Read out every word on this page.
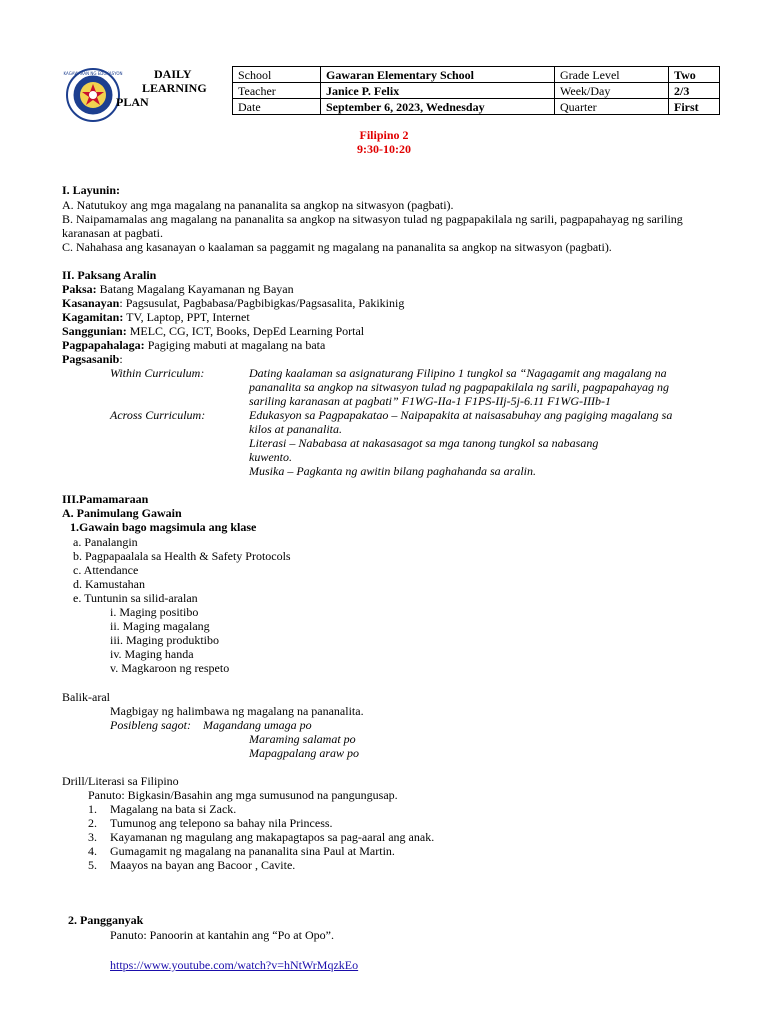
KAGAWARAN NG EDUKASYON	DAILY
LEARNING
PLAN
School	Gawaran Elementary School	Grade Level	Two
Teacher	Janice P. Felix	Week/Day	2/3
Date	September 6, 2023, Wednesday	Quarter	First
Filipino 2
9:30-10:20
I. Layunin:
A. Natutukoy ang mga magalang na pananalita sa angkop na sitwasyon (pagbati).
B. Naipamamalas ang magalang na pananalita sa angkop na sitwasyon tulad ng pagpapakilala ng sarili, pagpapahayag ng sariling
karanasan at pagbati.
C. Nahahasa ang kasanayan o kaalaman sa paggamit ng magalang na pananalita sa angkop na sitwasyon (pagbati).
II. Paksang Aralin
Paksa: Batang Magalang Kayamanan ng Bayan
Kasanayan: Pagsusulat, Pagbabasa/Pagbibigkas/Pagsasalita, Pakikinig
Kagamitan: TV, Laptop, PPT, Internet
Sanggunian: MELC, CG, ICT, Books, DepEd Learning Portal
Pagpapahalaga: Pagiging mabuti at magalang na bata
Pagsasanib:
Within Curriculum:	Dating kaalaman sa asignaturang Filipino 1 tungkol sa “Nagagamit ang magalang na
pananalita sa angkop na sitwasyon tulad ng pagpapakilala ng sarili, pagpapahayag ng
sariling karanasan at pagbati” F1WG-IIa-1 F1PS-IIj-5j-6.11 F1WG-IIIb-1
Across Curriculum:	Edukasyon sa Pagpapakatao – Naipapakita at naisasabuhay ang pagiging magalang sa
kilos at pananalita.
Literasi – Nababasa at nakasasagot sa mga tanong tungkol sa nabasang
kuwento.
Musika – Pagkanta ng awitin bilang paghahanda sa aralin.
III.Pamamaraan
A. Panimulang Gawain
1.Gawain bago magsimula ang klase
a. Panalangin
b. Pagpapaalala sa Health & Safety Protocols
c. Attendance
d. Kamustahan
e. Tuntunin sa silid-aralan
i. Maging positibo
ii. Maging magalang
iii. Maging produktibo
iv. Maging handa
v. Magkaroon ng respeto
Balik-aral
Magbigay ng halimbawa ng magalang na pananalita.
Posibleng sagot: Magandang umaga po
Maraming salamat po
Mapagpalang araw po
Drill/Literasi sa Filipino
Panuto: Bigkasin/Basahin ang mga sumusunod na pangungusap.
1. Magalang na bata si Zack.
2. Tumunog ang telepono sa bahay nila Princess.
3. Kayamanan ng magulang ang makapagtapos sa pag-aaral ang anak.
4. Gumagamit ng magalang na pananalita sina Paul at Martin.
5. Maayos na bayan ang Bacoor , Cavite.
2. Pangganyak
Panuto: Panoorin at kantahin ang “Po at Opo”.
https://www.youtube.com/watch?v=hNtWrMqzkEo
